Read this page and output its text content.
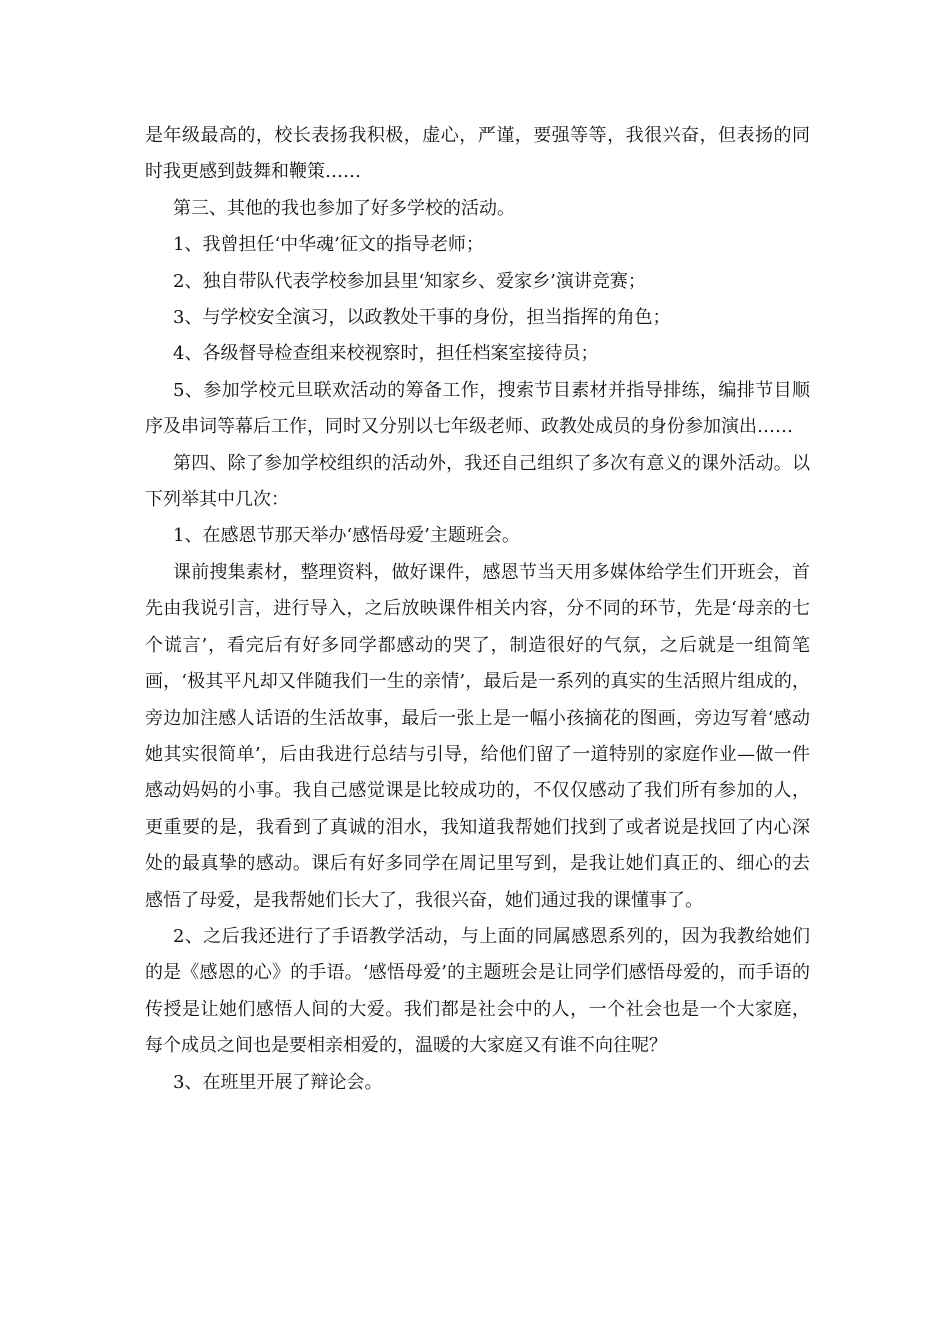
是年级最高的，校长表扬我积极，虚心，严谨，要强等等，我很兴奋，但表扬的同时我更感到鼓舞和鞭策……

第三、其他的我也参加了好多学校的活动。

1、我曾担任‘中华魂’征文的指导老师；

2、独自带队代表学校参加县里‘知家乡、爱家乡’演讲竞赛；

3、与学校安全演习，以政教处干事的身份，担当指挥的角色；

4、各级督导检查组来校视察时，担任档案室接待员；

5、参加学校元旦联欢活动的筹备工作，搜索节目素材并指导排练，编排节目顺序及串词等幕后工作，同时又分别以七年级老师、政教处成员的身份参加演出……

第四、除了参加学校组织的活动外，我还自己组织了多次有意义的课外活动。以下列举其中几次：

1、在感恩节那天举办‘感悟母爱’主题班会。

课前搜集素材，整理资料，做好课件，感恩节当天用多媒体给学生们开班会，首先由我说引言，进行导入，之后放映课件相关内容，分不同的环节，先是‘母亲的七个谎言’，看完后有好多同学都感动的哭了，制造很好的气氛，之后就是一组简笔画，‘极其平凡却又伴随我们一生的亲情’，最后是一系列的真实的生活照片组成的，旁边加注感人话语的生活故事，最后一张上是一幅小孩摘花的图画，旁边写着‘感动她其实很简单’，后由我进行总结与引导，给他们留了一道特别的家庭作业—做一件感动妈妈的小事。我自己感觉课是比较成功的，不仅仅感动了我们所有参加的人，更重要的是，我看到了真诚的泪水，我知道我帮她们找到了或者说是找回了内心深处的最真挚的感动。课后有好多同学在周记里写到，是我让她们真正的、细心的去感悟了母爱，是我帮她们长大了，我很兴奋，她们通过我的课懂事了。

2、之后我还进行了手语教学活动，与上面的同属感恩系列的，因为我教给她们的是《感恩的心》的手语。‘感悟母爱’的主题班会是让同学们感悟母爱的，而手语的传授是让她们感悟人间的大爱。我们都是社会中的人，一个社会也是一个大家庭，每个成员之间也是要相亲相爱的，温暖的大家庭又有谁不向往呢？

3、在班里开展了辩论会。
